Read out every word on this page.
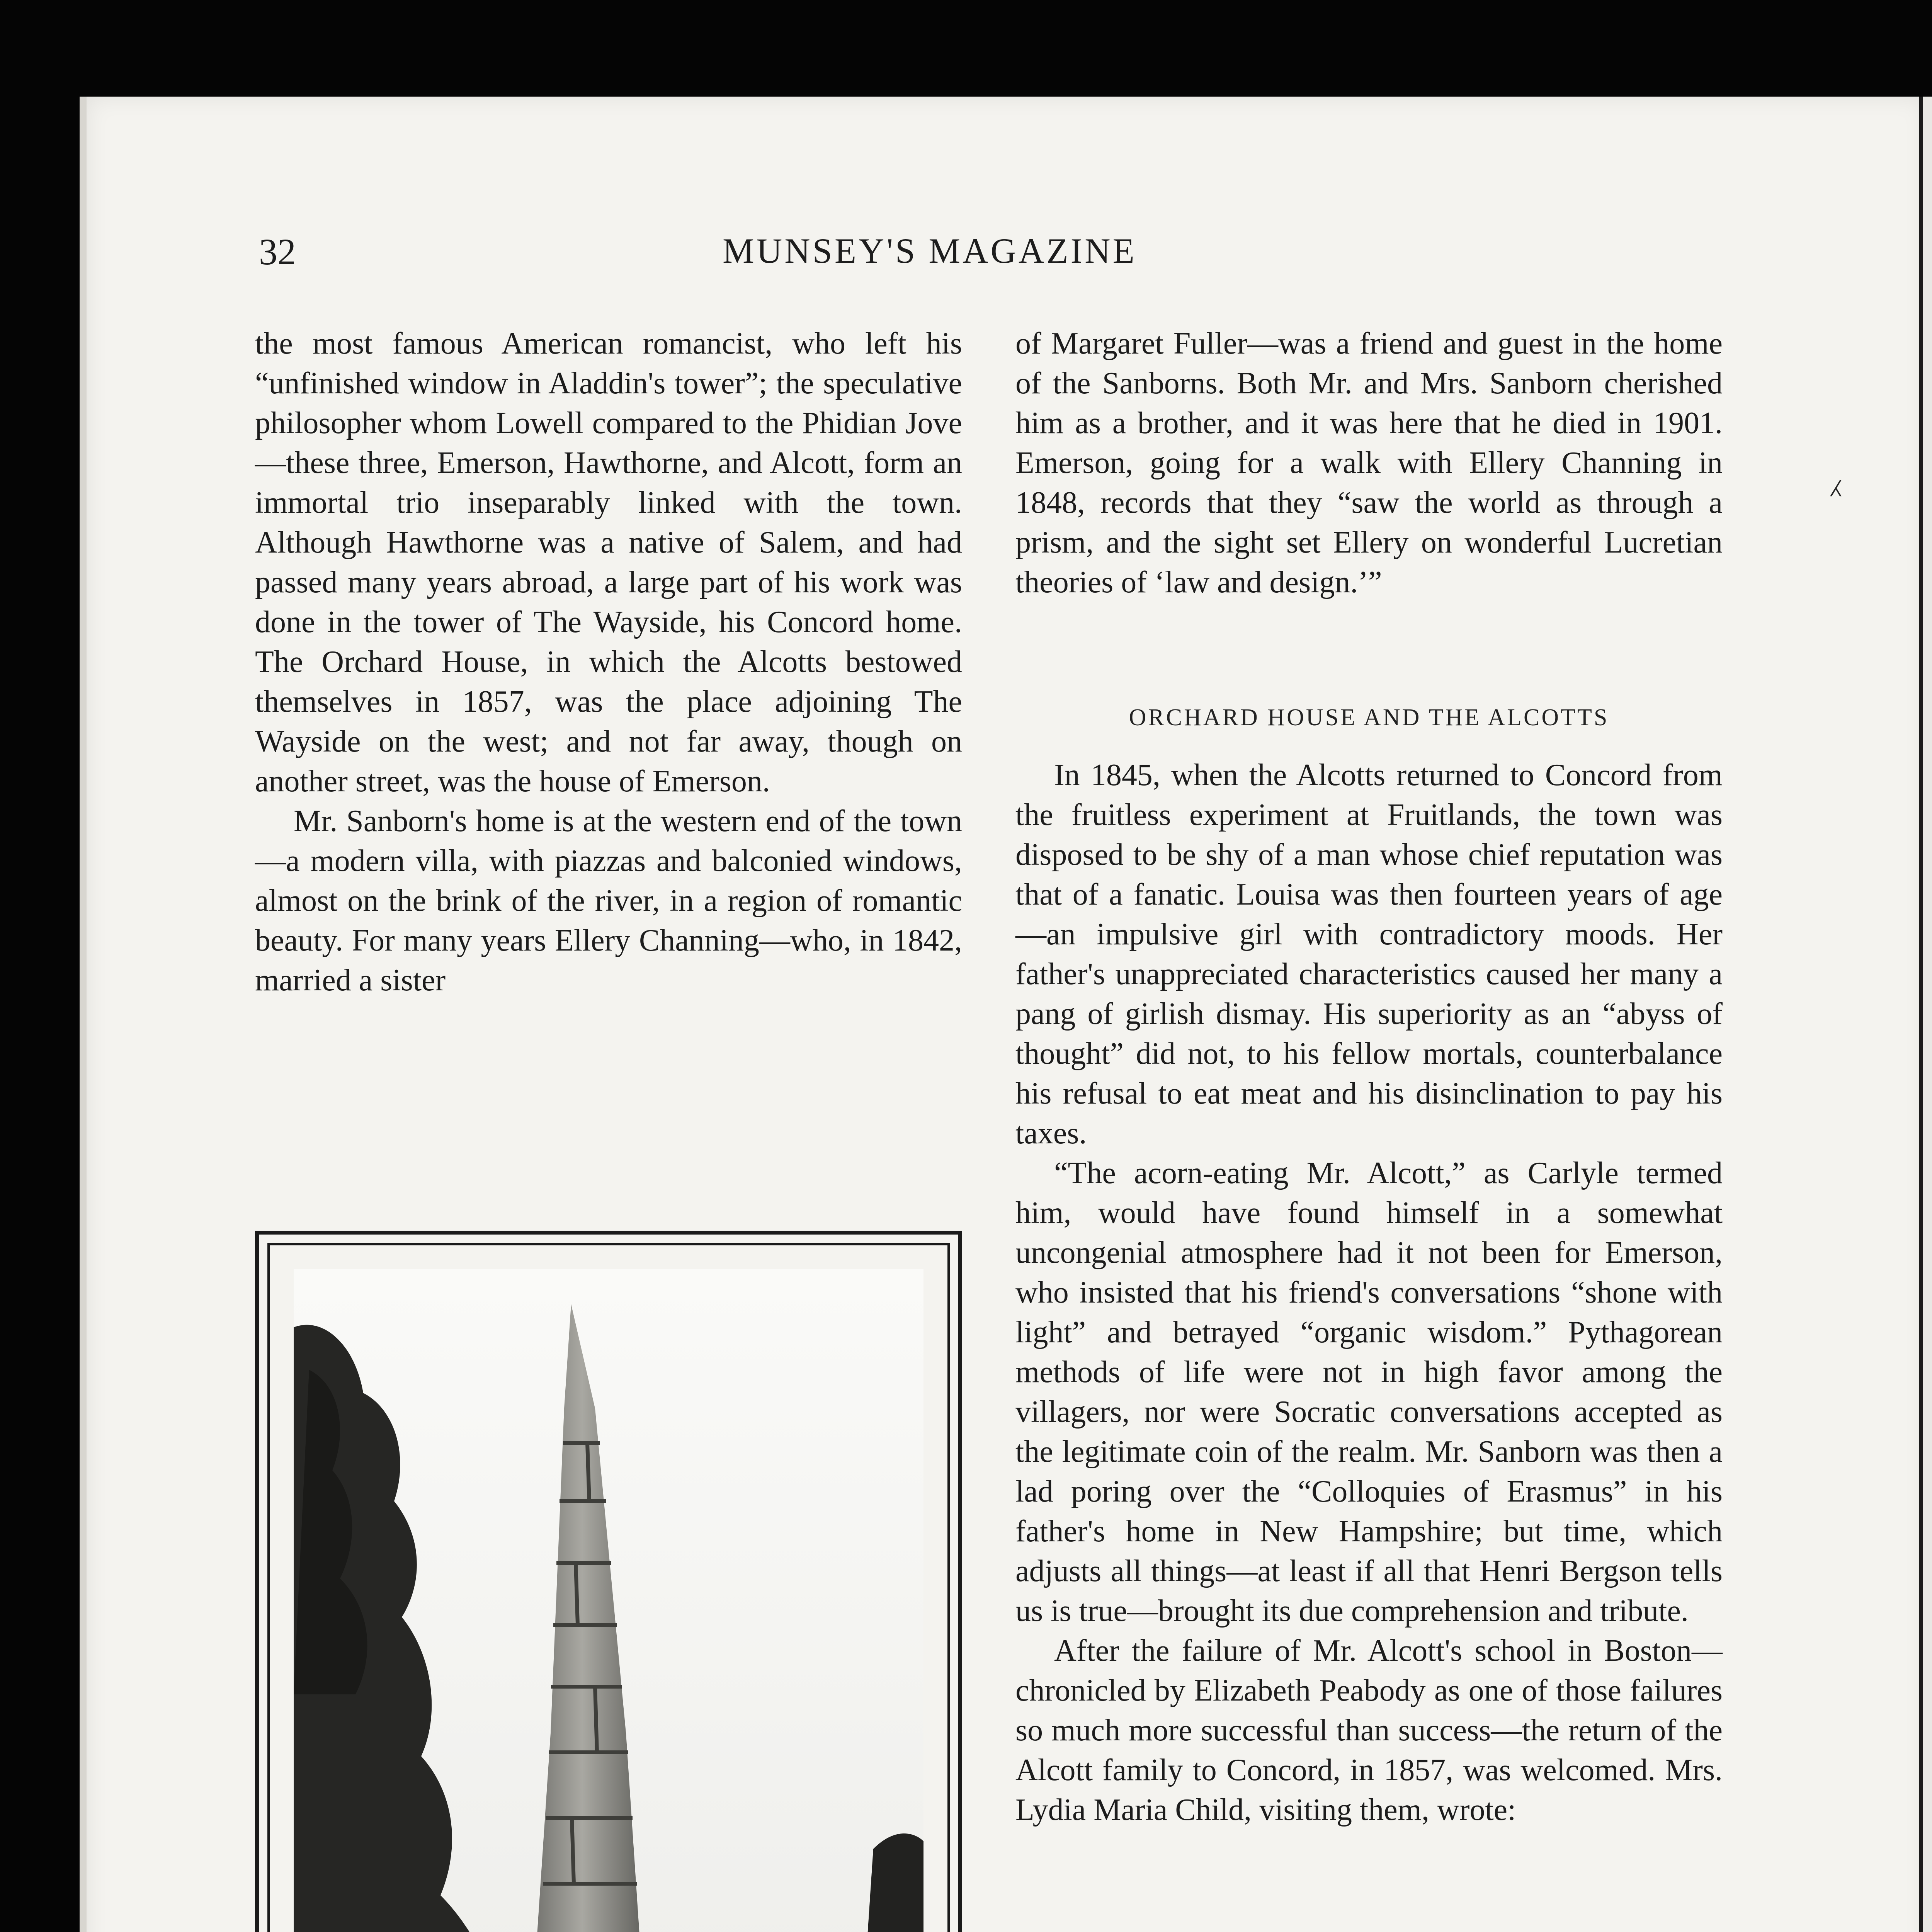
⁁
32	MUNSEY'S MAGAZINE

the most famous American romancist, who left his “unfinished window in Aladdin's tower”; the speculative philosopher whom Lowell compared to the Phidian Jove—these three, Emerson, Hawthorne, and Alcott, form an immortal trio inseparably linked with the town. Although Hawthorne was a native of Salem, and had passed many years abroad, a large part of his work was done in the tower of The Wayside, his Concord home. The Orchard House, in which the Alcotts bestowed themselves in 1857, was the place adjoining The Wayside on the west; and not far away, though on another street, was the house of Emerson.

Mr. Sanborn's home is at the western end of the town—a modern villa, with piazzas and balconied windows, almost on the brink of the river, in a region of romantic beauty. For many years Ellery Channing—who, in 1842, married a sister

of Margaret Fuller—was a friend and guest in the home of the Sanborns. Both Mr. and Mrs. Sanborn cherished him as a brother, and it was here that he died in 1901. Emerson, going for a walk with Ellery Channing in 1848, records that they “saw the world as through a prism, and the sight set Ellery on wonderful Lucretian theories of ‘law and design.’”

ORCHARD HOUSE AND THE ALCOTTS

In 1845, when the Alcotts returned to Concord from the fruitless experiment at Fruitlands, the town was disposed to be shy of a man whose chief reputation was that of a fanatic. Louisa was then fourteen years of age—an impulsive girl with contradictory moods. Her father's unappreciated characteristics caused her many a pang of girlish dismay. His superiority as an “abyss of thought” did not, to his fellow mortals, counterbalance his refusal to eat meat and his disinclination to pay his taxes.

“The acorn-eating Mr. Alcott,” as Carlyle termed him, would have found himself in a somewhat uncongenial atmosphere had it not been for Emerson, who insisted that his friend's conversations “shone with light” and betrayed “organic wisdom.” Pythagorean methods of life were not in high favor among the villagers, nor were Socratic conversations accepted as the legitimate coin of the realm. Mr. Sanborn was then a lad poring over the “Colloquies of Erasmus” in his father's home in New Hampshire; but time, which adjusts all things—at least if all that Henri Bergson tells us is true—brought its due comprehension and tribute.

After the failure of Mr. Alcott's school in Boston—chronicled by Elizabeth Peabody as one of those failures so much more successful than success—the return of the Alcott family to Concord, in 1857, was welcomed. Mrs. Lydia Maria Child, visiting them, wrote:
